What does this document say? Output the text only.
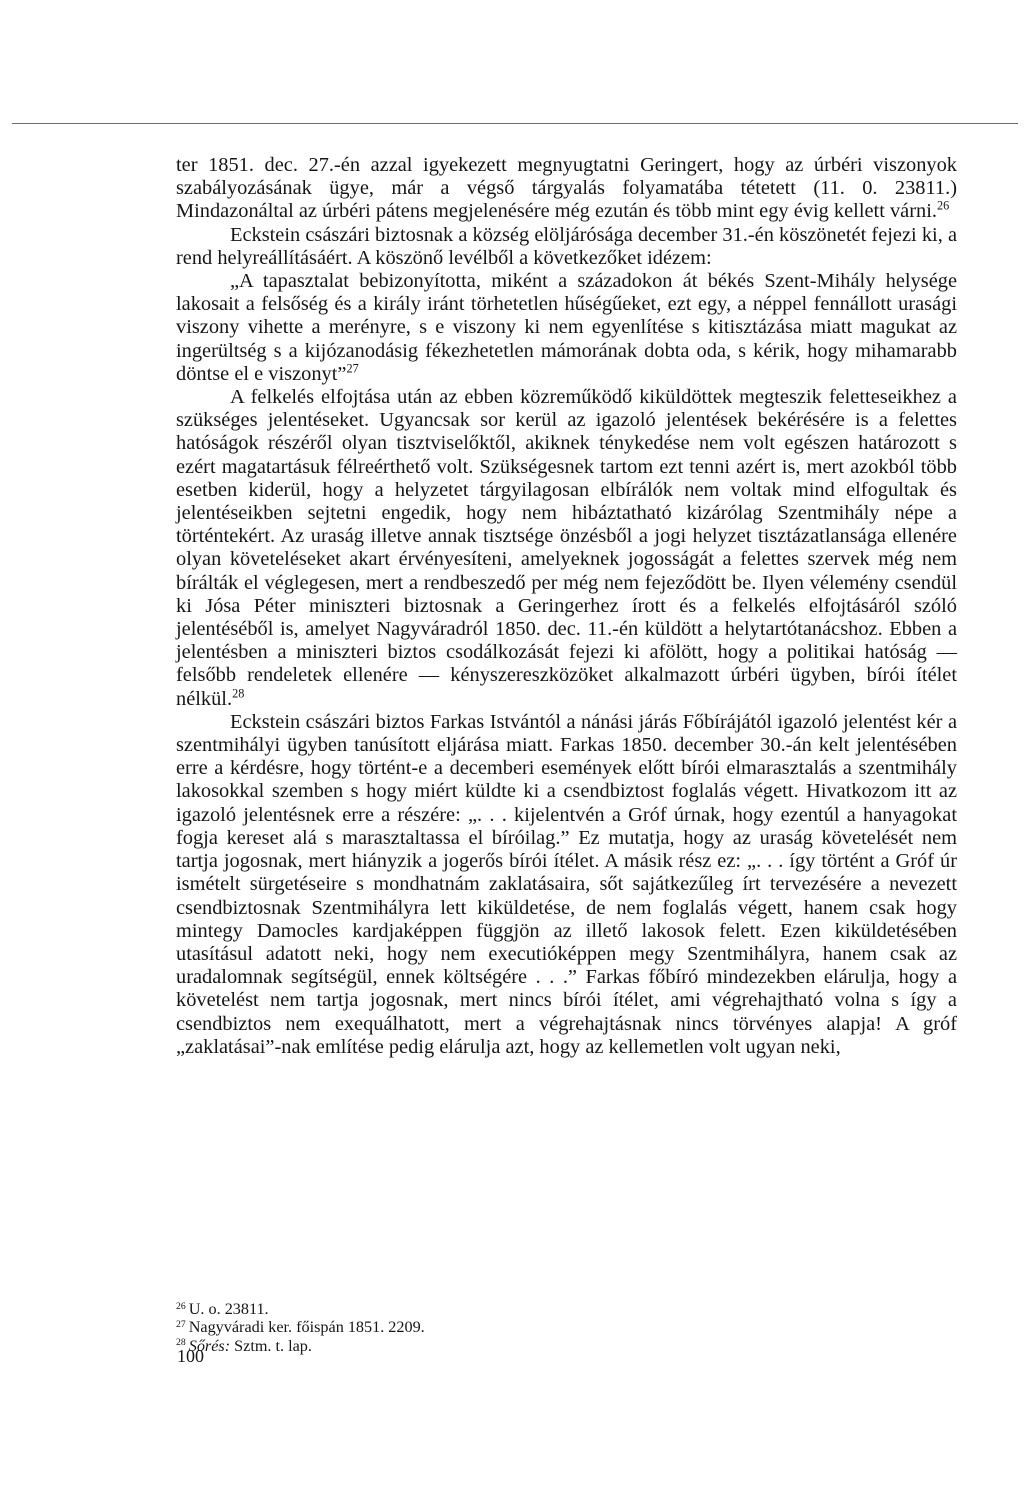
ter 1851. dec. 27.-én azzal igyekezett megnyugtatni Geringert, hogy az úrbéri viszonyok szabályozásának ügye, már a végső tárgyalás folyamatába tétetett (11. 0. 23811.) Mindazonáltal az úrbéri pátens megjelenésére még ezután és több mint egy évig kellett várni.$^{26}$

Eckstein császári biztosnak a község elöljárósága december 31.-én köszönetét fejezi ki, a rend helyreállításáért. A köszönő levélből a következőket idézem:

„A tapasztalat bebizonyította, miként a századokon át békés Szent-Mihály helysége lakosait a felsőség és a király iránt törhetetlen hűségűeket, ezt egy, a néppel fennállott urasági viszony vihette a merényre, s e viszony ki nem egyenlítése s kitisztázása miatt magukat az ingerültség s a kijózanodásig fékezhetetlen mámorának dobta oda, s kérik, hogy mihamarabb döntse el e viszonyt”$^{27}$

A felkelés elfojtása után az ebben közreműködő kiküldöttek megteszik feletteseikhez a szükséges jelentéseket. Ugyancsak sor kerül az igazoló jelentések bekérésére is a felettes hatóságok részéről olyan tisztviselőktől, akiknek ténykedése nem volt egészen határozott s ezért magatartásuk félreérthető volt. Szükségesnek tartom ezt tenni azért is, mert azokból több esetben kiderül, hogy a helyzetet tárgyilagosan elbírálók nem voltak mind elfogultak és jelentéseikben sejtetni engedik, hogy nem hibáztatható kizárólag Szentmihály népe a történtekért. Az uraság illetve annak tisztsége önzésből a jogi helyzet tisztázatlansága ellenére olyan követeléseket akart érvényesíteni, amelyeknek jogosságát a felettes szervek még nem bírálták el véglegesen, mert a rendbeszedő per még nem fejeződött be. Ilyen vélemény csendül ki Jósa Péter miniszteri biztosnak a Geringerhez írott és a felkelés elfojtásáról szóló jelentéséből is, amelyet Nagyváradról 1850. dec. 11.-én küldött a helytartótanácshoz. Ebben a jelentésben a miniszteri biztos csodálkozását fejezi ki afölött, hogy a politikai hatóság — felsőbb rendeletek ellenére — kényszereszközöket alkalmazott úrbéri ügyben, bírói ítélet nélkül.$^{28}$

Eckstein császári biztos Farkas Istvántól a nánási járás Főbírájától igazoló jelentést kér a szentmihályi ügyben tanúsított eljárása miatt. Farkas 1850. december 30.-án kelt jelentésében erre a kérdésre, hogy történt-e a decemberi események előtt bírói elmarasztalás a szentmihály lakosokkal szemben s hogy miért küldte ki a csendbiztost foglalás végett. Hivatkozom itt az igazoló jelentésnek erre a részére: „. . . kijelentvén a Gróf úrnak, hogy ezentúl a hanyagokat fogja kereset alá s marasztaltassa el bíróilag.” Ez mutatja, hogy az uraság követelését nem tartja jogosnak, mert hiányzik a jogerős bírói ítélet. A másik rész ez: „. . . így történt a Gróf úr ismételt sürgetéseire s mondhatnám zaklatásaira, sőt sajátkezűleg írt tervezésére a nevezett csendbiztosnak Szentmihályra lett kiküldetése, de nem foglalás végett, hanem csak hogy mintegy Damocles kardjaképpen függjön az illető lakosok felett. Ezen kiküldetésében utasításul adatott neki, hogy nem executióképpen megy Szentmihályra, hanem csak az uradalomnak segítségül, ennek költségére . . .” Farkas főbíró mindezekben elárulja, hogy a követelést nem tartja jogosnak, mert nincs bírói ítélet, ami végrehajtható volna s így a csendbiztos nem exequálhatott, mert a végrehajtásnak nincs törvényes alapja! A gróf „zaklatásai”-nak említése pedig elárulja azt, hogy az kellemetlen volt ugyan neki,

$^{26}$ U. o. 23811.

$^{27}$ Nagyváradi ker. főispán 1851. 2209.

$^{28}$ Sőrés: Sztm. t. lap.

100
